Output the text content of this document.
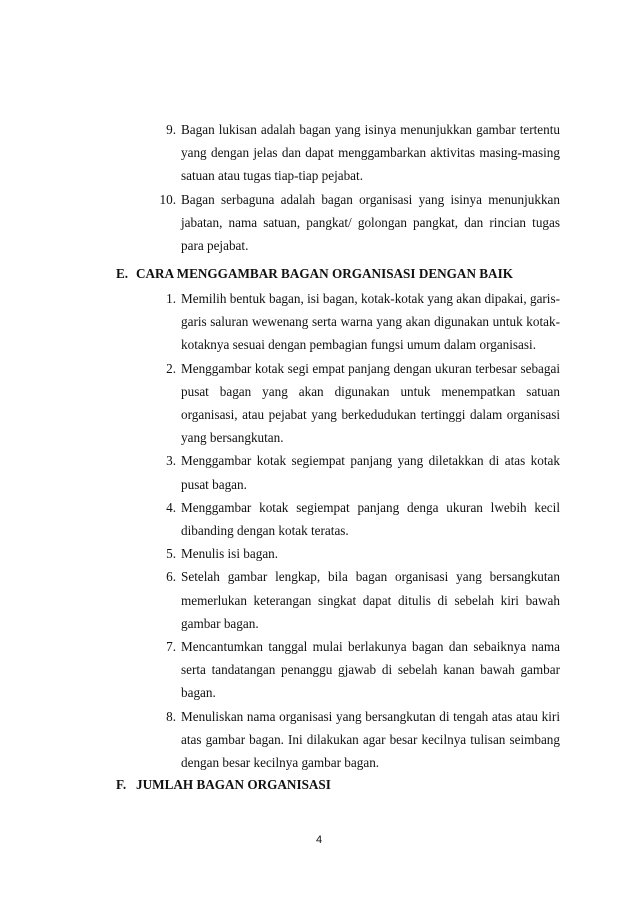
9. Bagan lukisan adalah bagan yang isinya menunjukkan gambar tertentu yang dengan jelas dan dapat menggambarkan aktivitas masing-masing satuan atau tugas tiap-tiap pejabat.
10. Bagan serbaguna adalah bagan organisasi yang isinya menunjukkan jabatan, nama satuan, pangkat/ golongan pangkat, dan rincian tugas para pejabat.
E. CARA MENGGAMBAR BAGAN ORGANISASI DENGAN BAIK
1. Memilih bentuk bagan, isi bagan, kotak-kotak yang akan dipakai, garis-garis saluran wewenang serta warna yang akan digunakan untuk kotak-kotaknya sesuai dengan pembagian fungsi umum dalam organisasi.
2. Menggambar kotak segi empat panjang dengan ukuran terbesar sebagai pusat bagan yang akan digunakan untuk menempatkan satuan organisasi, atau pejabat yang berkedudukan tertinggi dalam organisasi yang bersangkutan.
3. Menggambar kotak segiempat panjang yang diletakkan di atas kotak pusat bagan.
4. Menggambar kotak segiempat panjang denga ukuran lwebih kecil dibanding dengan kotak teratas.
5. Menulis isi bagan.
6. Setelah gambar lengkap, bila bagan organisasi yang bersangkutan memerlukan keterangan singkat dapat ditulis di sebelah kiri bawah gambar bagan.
7. Mencantumkan tanggal mulai berlakunya bagan dan sebaiknya nama serta tandatangan penanggu gjawab di sebelah kanan bawah gambar bagan.
8. Menuliskan nama organisasi yang bersangkutan di tengah atas atau kiri atas gambar bagan. Ini dilakukan agar besar kecilnya tulisan seimbang dengan besar kecilnya gambar bagan.
F. JUMLAH BAGAN ORGANISASI
4
